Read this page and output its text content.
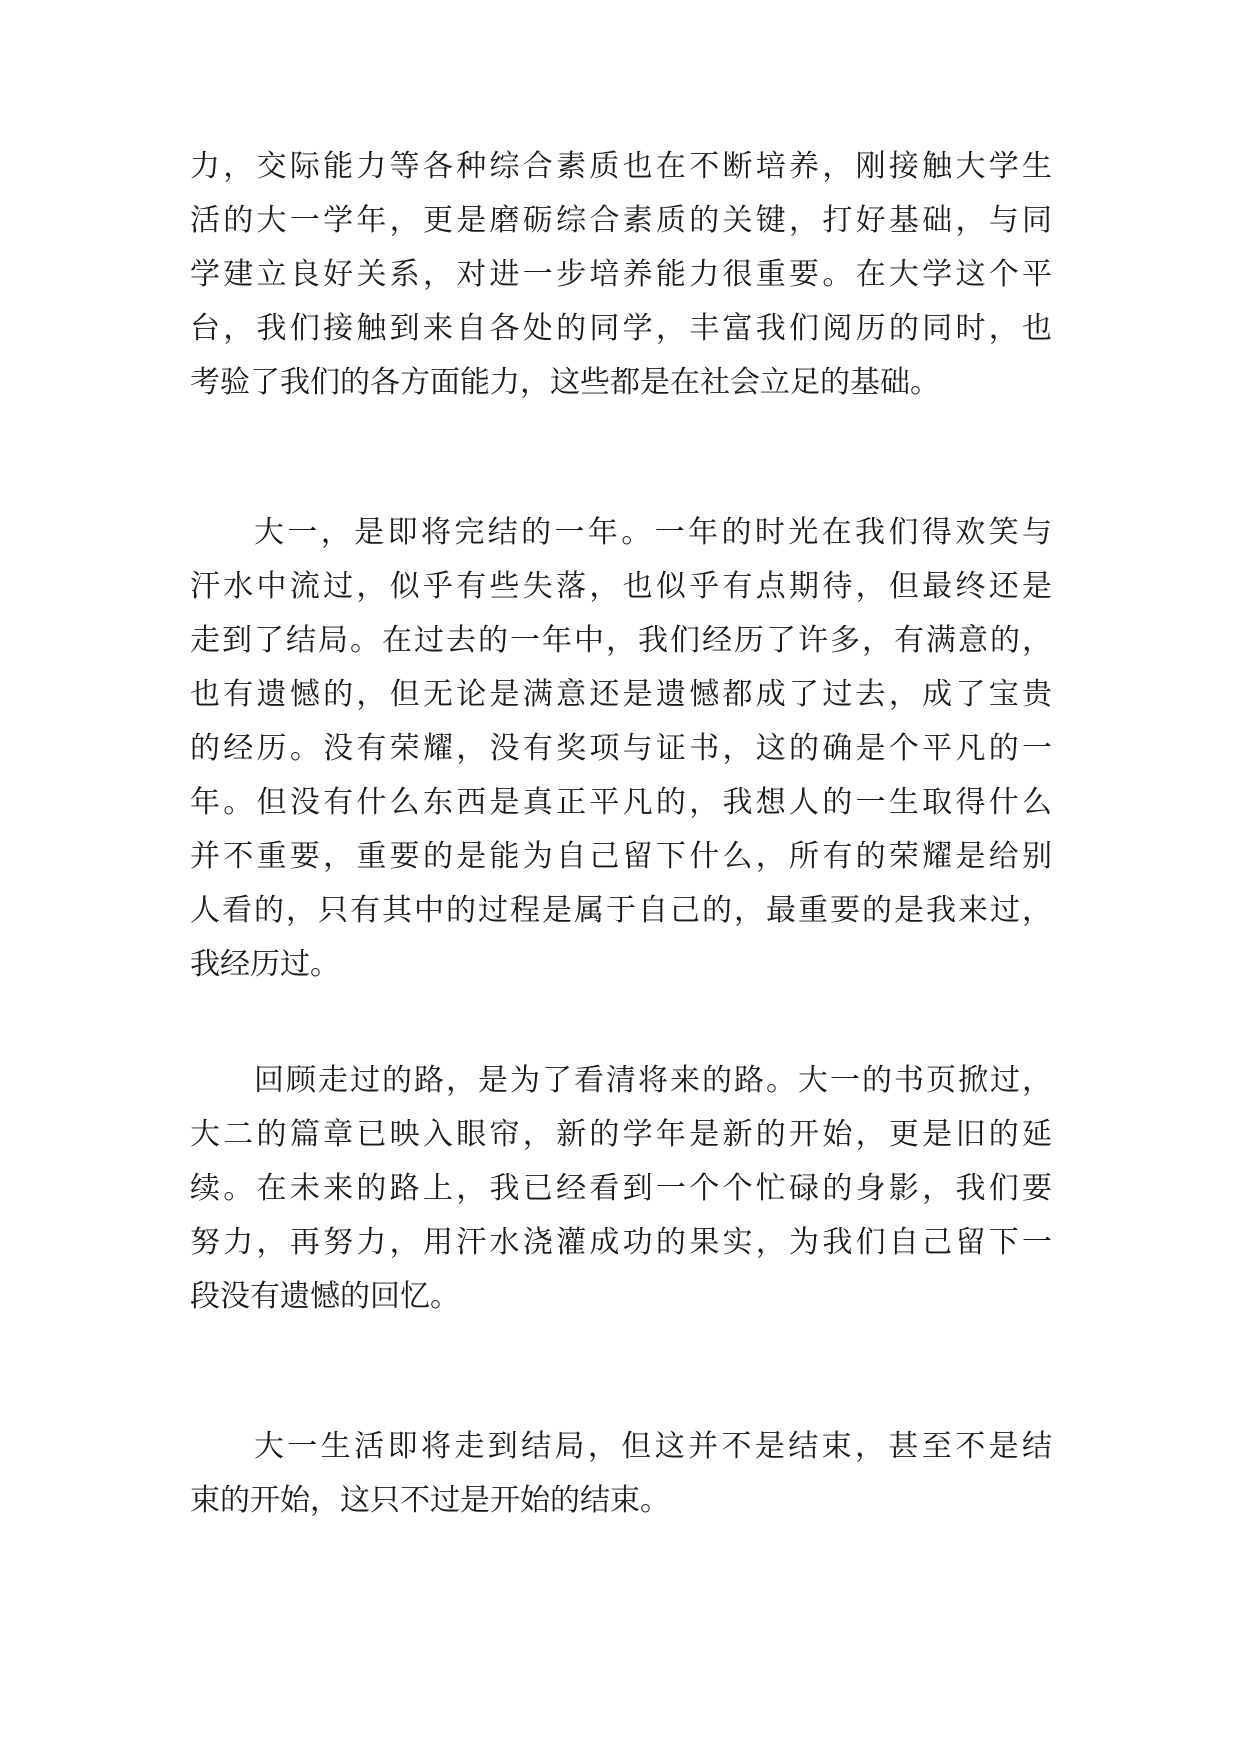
力，交际能力等各种综合素质也在不断培养，刚接触大学生
活的大一学年，更是磨砺综合素质的关键，打好基础，与同
学建立良好关系，对进一步培养能力很重要。在大学这个平
台，我们接触到来自各处的同学，丰富我们阅历的同时，也
考验了我们的各方面能力，这些都是在社会立足的基础。
大一，是即将完结的一年。一年的时光在我们得欢笑与
汗水中流过，似乎有些失落，也似乎有点期待，但最终还是
走到了结局。在过去的一年中，我们经历了许多，有满意的，
也有遗憾的，但无论是满意还是遗憾都成了过去，成了宝贵
的经历。没有荣耀，没有奖项与证书，这的确是个平凡的一
年。但没有什么东西是真正平凡的，我想人的一生取得什么
并不重要，重要的是能为自己留下什么，所有的荣耀是给别
人看的，只有其中的过程是属于自己的，最重要的是我来过，
我经历过。
回顾走过的路，是为了看清将来的路。大一的书页掀过，
大二的篇章已映入眼帘，新的学年是新的开始，更是旧的延
续。在未来的路上，我已经看到一个个忙碌的身影，我们要
努力，再努力，用汗水浇灌成功的果实，为我们自己留下一
段没有遗憾的回忆。
大一生活即将走到结局，但这并不是结束，甚至不是结
束的开始，这只不过是开始的结束。
